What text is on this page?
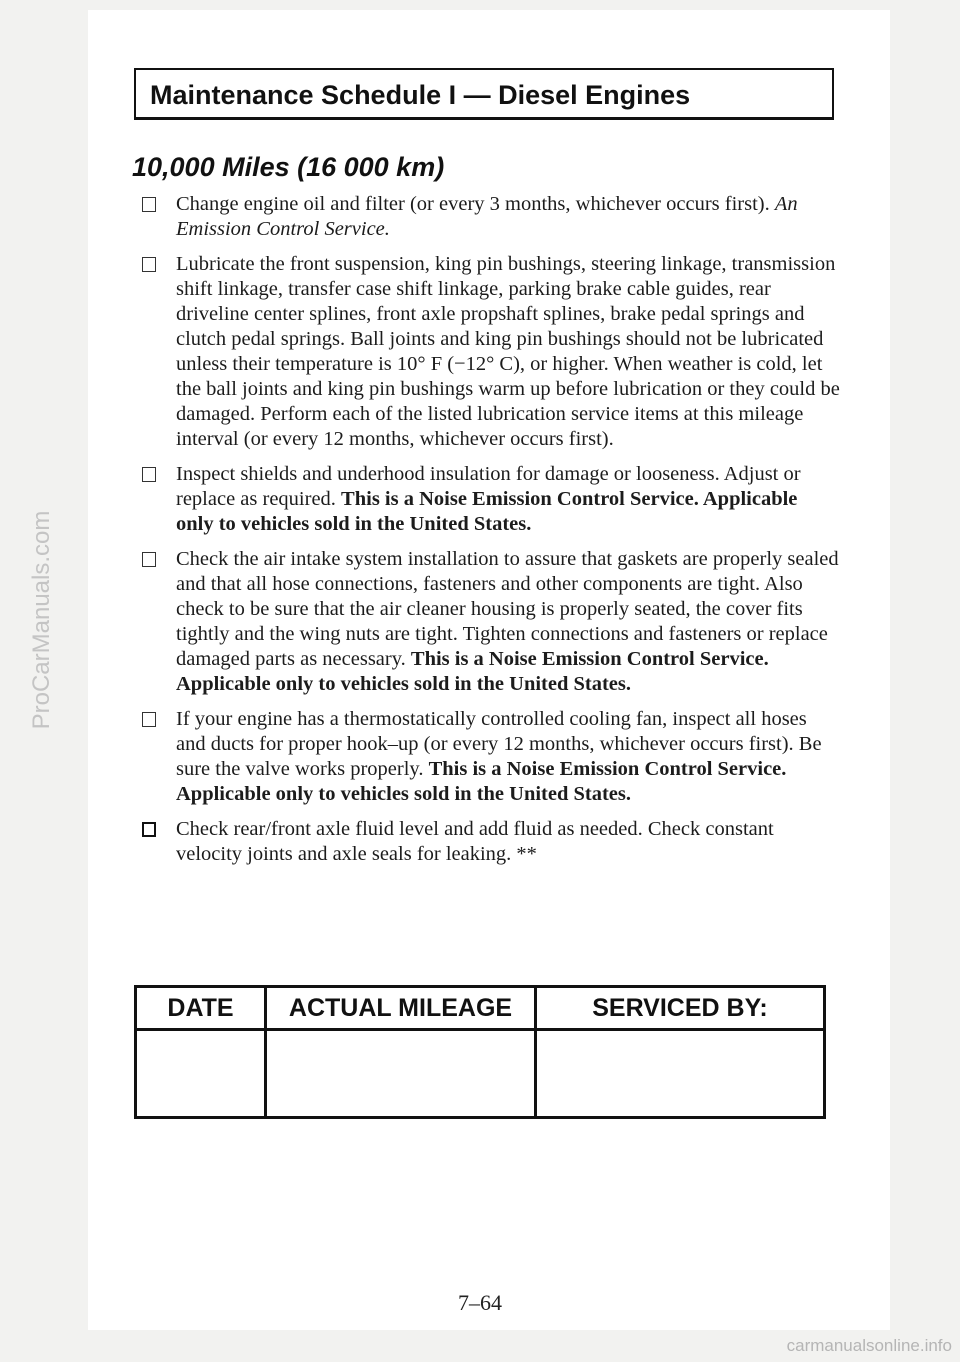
Maintenance Schedule I — Diesel Engines
10,000 Miles (16 000 km)
Change engine oil and filter (or every 3 months, whichever occurs first). An Emission Control Service.
Lubricate the front suspension, king pin bushings, steering linkage, transmission shift linkage, transfer case shift linkage, parking brake cable guides, rear driveline center splines, front axle propshaft splines, brake pedal springs and clutch pedal springs. Ball joints and king pin bushings should not be lubricated unless their temperature is 10° F (−12° C), or higher. When weather is cold, let the ball joints and king pin bushings warm up before lubrication or they could be damaged. Perform each of the listed lubrication service items at this mileage interval (or every 12 months, whichever occurs first).
Inspect shields and underhood insulation for damage or looseness. Adjust or replace as required. This is a Noise Emission Control Service. Applicable only to vehicles sold in the United States.
Check the air intake system installation to assure that gaskets are properly sealed and that all hose connections, fasteners and other components are tight. Also check to be sure that the air cleaner housing is properly seated, the cover fits tightly and the wing nuts are tight. Tighten connections and fasteners or replace damaged parts as necessary. This is a Noise Emission Control Service. Applicable only to vehicles sold in the United States.
If your engine has a thermostatically controlled cooling fan, inspect all hoses and ducts for proper hook–up (or every 12 months, whichever occurs first). Be sure the valve works properly. This is a Noise Emission Control Service. Applicable only to vehicles sold in the United States.
Check rear/front axle fluid level and add fluid as needed. Check constant velocity joints and axle seals for leaking. **
DATE	ACTUAL MILEAGE	SERVICED BY:

7–64
ProCarManuals.com
carmanualsonline.info
